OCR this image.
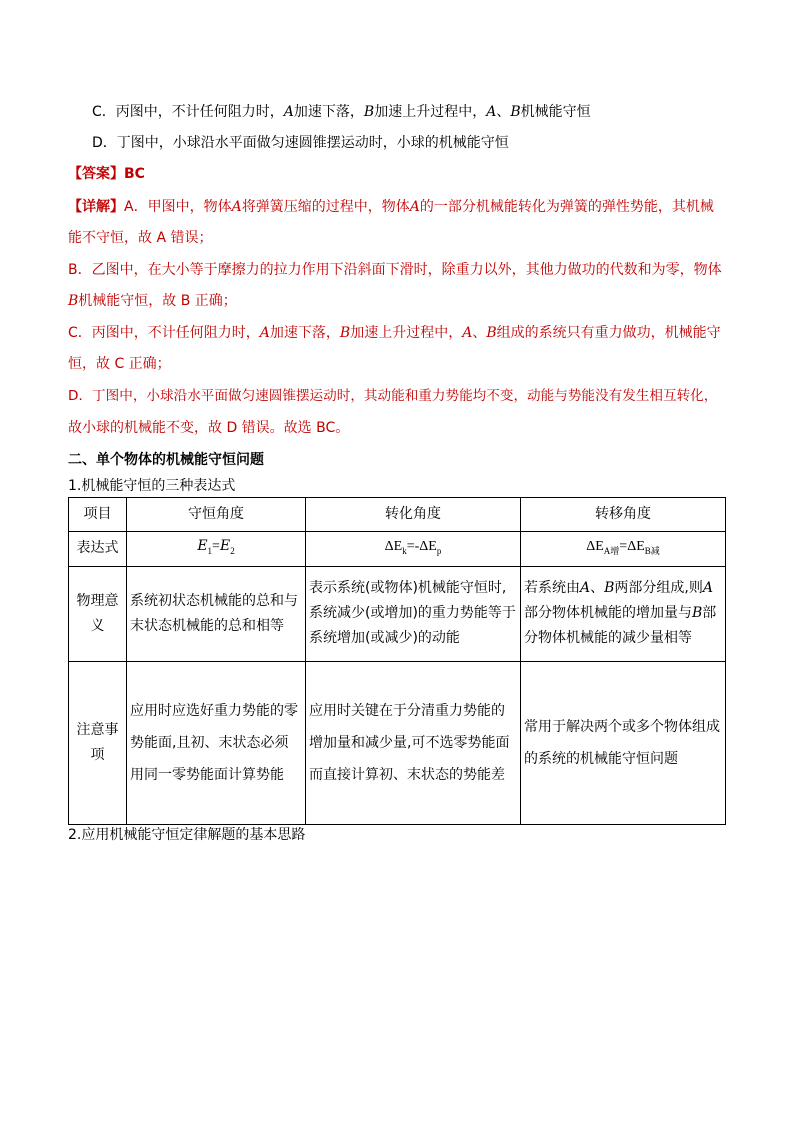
C．丙图中，不计任何阻力时，A加速下落，B加速上升过程中，A、B机械能守恒
D．丁图中，小球沿水平面做匀速圆锥摆运动时，小球的机械能守恒
【答案】BC
【详解】A．甲图中，物体A将弹簧压缩的过程中，物体A的一部分机械能转化为弹簧的弹性势能，其机械
能不守恒，故 A 错误；
B．乙图中，在大小等于摩擦力的拉力作用下沿斜面下滑时，除重力以外，其他力做功的代数和为零，物体
B机械能守恒，故 B 正确；
C．丙图中，不计任何阻力时，A加速下落，B加速上升过程中，A、B组成的系统只有重力做功，机械能守
恒，故 C 正确；
D．丁图中，小球沿水平面做匀速圆锥摆运动时，其动能和重力势能均不变，动能与势能没有发生相互转化，
故小球的机械能不变，故 D 错误。故选 BC。
二、单个物体的机械能守恒问题
1.机械能守恒的三种表达式
项目	守恒角度	转化角度	转移角度
表达式	$E_1=E_2$	$\Delta E_k=-\Delta E_p$	$\Delta E_{A增}=\Delta E_{B减}$
物理意义	系统初状态机械能的总和与末状态机械能的总和相等	表示系统(或物体)机械能守恒时,系统减少(或增加)的重力势能等于系统增加(或减少)的动能	若系统由A、B两部分组成,则A部分物体机械能的增加量与B部分物体机械能的减少量相等
注意事项	应用时应选好重力势能的零势能面,且初、末状态必须用同一零势能面计算势能	应用时关键在于分清重力势能的增加量和减少量,可不选零势能面而直接计算初、末状态的势能差	常用于解决两个或多个物体组成的系统的机械能守恒问题
2.应用机械能守恒定律解题的基本思路
